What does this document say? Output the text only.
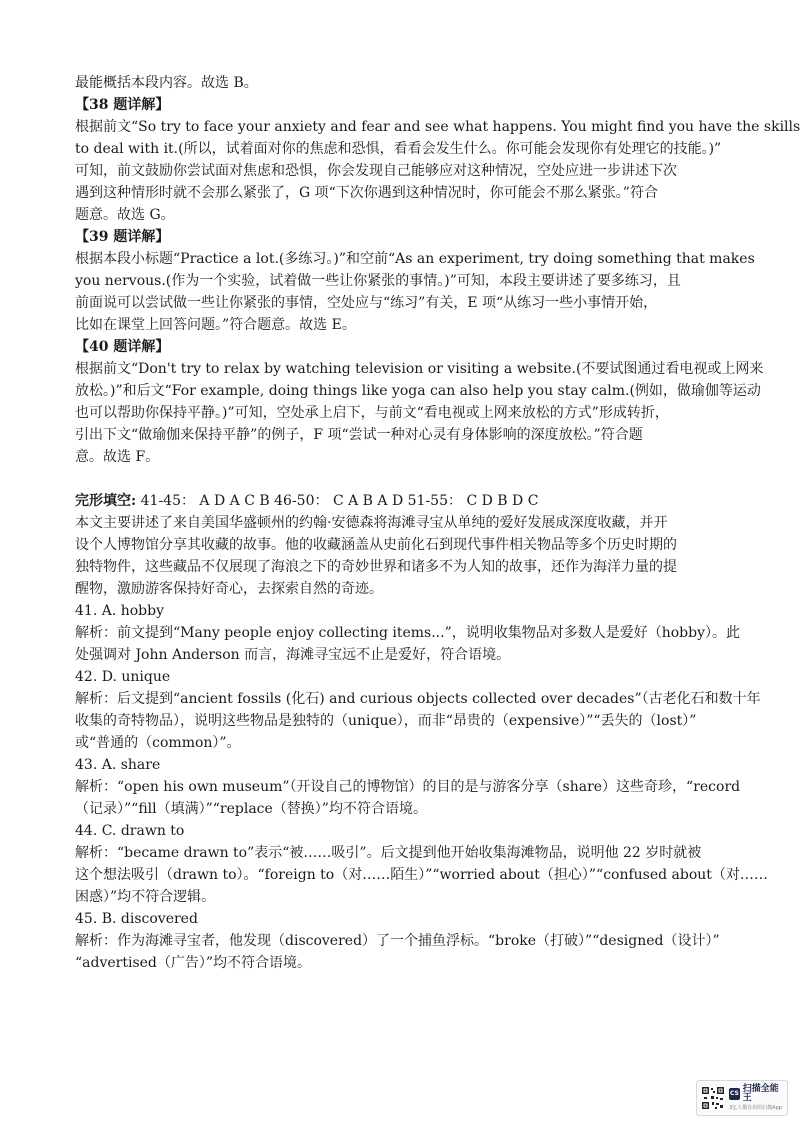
最能概括本段内容。故选 B。
【38 题详解】
根据前文“So try to face your anxiety and fear and see what happens. You might find you have the skills
to deal with it.(所以，试着面对你的焦虑和恐惧，看看会发生什么。你可能会发现你有处理它的技能。)”
可知，前文鼓励你尝试面对焦虑和恐惧，你会发现自己能够应对这种情况，空处应进一步讲述下次
遇到这种情形时就不会那么紧张了，G 项“下次你遇到这种情况时，你可能会不那么紧张。”符合
题意。故选 G。
【39 题详解】
根据本段小标题“Practice a lot.(多练习。)”和空前“As an experiment, try doing something that makes
you nervous.(作为一个实验，试着做一些让你紧张的事情。)”可知，本段主要讲述了要多练习，且
前面说可以尝试做一些让你紧张的事情，空处应与“练习”有关，E 项“从练习一些小事情开始，
比如在课堂上回答问题。”符合题意。故选 E。
【40 题详解】
根据前文“Don't try to relax by watching television or visiting a website.(不要试图通过看电视或上网来
放松。)”和后文“For example, doing things like yoga can also help you stay calm.(例如，做瑜伽等运动
也可以帮助你保持平静。)”可知，空处承上启下，与前文“看电视或上网来放松的方式”形成转折，
引出下文“做瑜伽来保持平静”的例子，F 项“尝试一种对心灵有身体影响的深度放松。”符合题
意。故选 F。
完形填空: 41-45： A D A C B 46-50： C A B A D 51-55： C D B D C
本文主要讲述了来自美国华盛顿州的约翰·安德森将海滩寻宝从单纯的爱好发展成深度收藏，并开
设个人博物馆分享其收藏的故事。他的收藏涵盖从史前化石到现代事件相关物品等多个历史时期的
独特物件，这些藏品不仅展现了海浪之下的奇妙世界和诸多不为人知的故事，还作为海洋力量的提
醒物，激励游客保持好奇心，去探索自然的奇迹。
41. A. hobby
解析：前文提到“Many people enjoy collecting items...”，说明收集物品对多数人是爱好（hobby）。此
处强调对 John Anderson 而言，海滩寻宝远不止是爱好，符合语境。
42. D. unique
解析：后文提到“ancient fossils (化石) and curious objects collected over decades”（古老化石和数十年
收集的奇特物品），说明这些物品是独特的（unique），而非“昂贵的（expensive）”“丢失的（lost）”
或“普通的（common）”。
43. A. share
解析：“open his own museum”（开设自己的博物馆）的目的是与游客分享（share）这些奇珍，“record
（记录）”“fill（填满）”“replace（替换）”均不符合语境。
44. C. drawn to
解析：“became drawn to”表示“被……吸引”。后文提到他开始收集海滩物品，说明他 22 岁时就被
这个想法吸引（drawn to）。“foreign to（对……陌生）”“worried about（担心）”“confused about（对……
困惑）”均不符合逻辑。
45. B. discovered
解析：作为海滩寻宝者，他发现（discovered）了一个捕鱼浮标。“broke（打破）”“designed（设计）”
“advertised（广告）”均不符合语境。
CS 扫描全能王
3亿人都在用的扫描App
